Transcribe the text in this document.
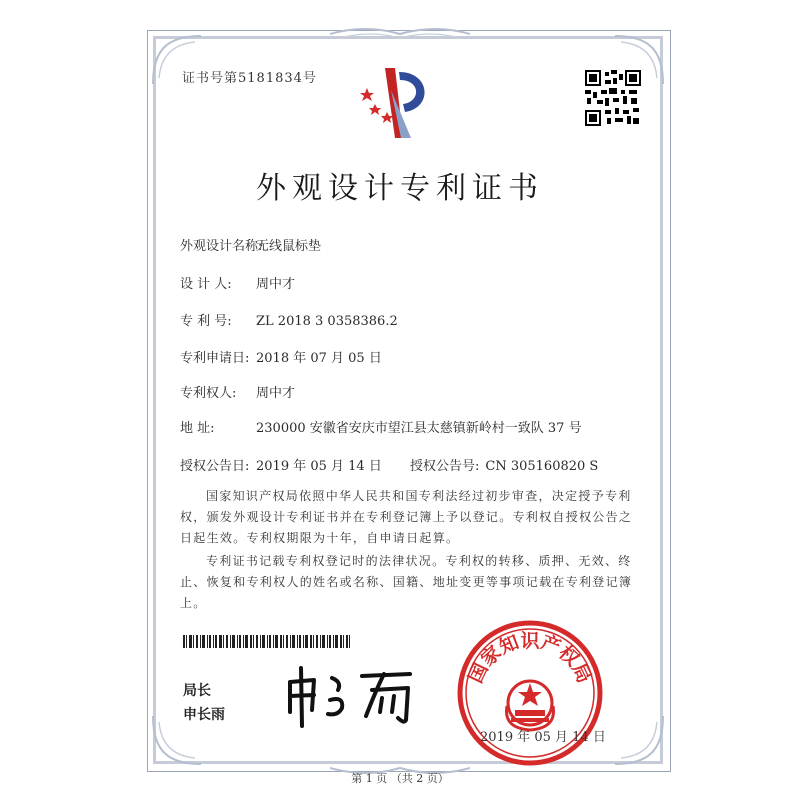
证书号第5181834号
外观设计专利证书
外观设计名称:无线鼠标垫
设 计 人: 周中才
专 利 号: ZL 2018 3 0358386.2
专利申请日: 2018 年 07 月 05 日
专利权人: 周中才
地 址:	230000 安徽省安庆市望江县太慈镇新岭村一致队 37 号
授权公告日: 2019 年 05 月 14 日 授权公告号: CN 305160820 S
国家知识产权局依照中华人民共和国专利法经过初步审查，决定授予专利权，颁发外观设计专利证书并在专利登记簿上予以登记。专利权自授权公告之日起生效。专利权期限为十年，自申请日起算。
专利证书记载专利权登记时的法律状况。专利权的转移、质押、无效、终止、恢复和专利权人的姓名或名称、国籍、地址变更等事项记载在专利登记簿上。
局长
申长雨
国家知识产权局
2019 年 05 月 14 日
第 1 页 （共 2 页）
